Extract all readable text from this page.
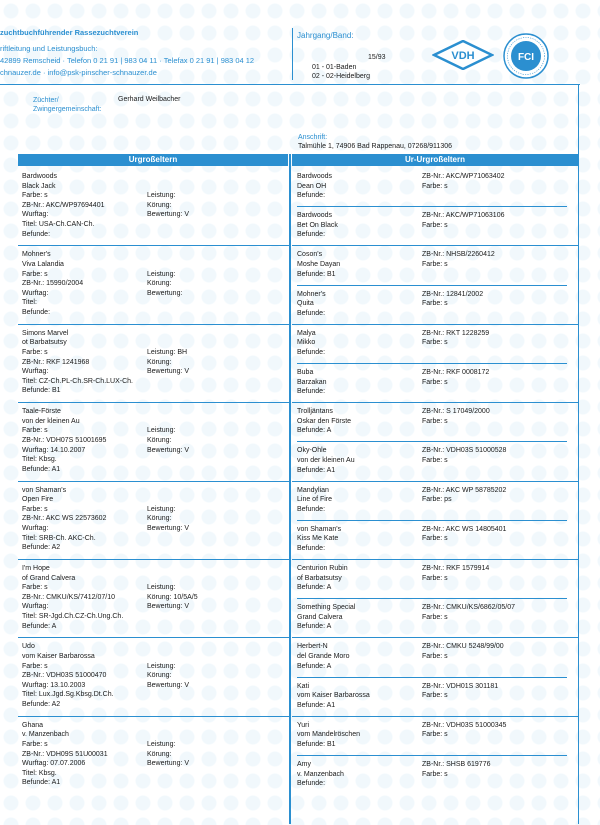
zuchtbuchführender Rassezuchtverein
riftleitung und Leistungsbuch:
42899 Remscheid · Telefon 0 21 91 | 983 04 11 · Telefax 0 21 91 | 983 04 12
chnauzer.de · info@psk-pinscher-schnauzer.de
Jahrgang/Band:
15/93
01 - 01-Baden
02 - 02-Heidelberg
VDH	FCI
Züchter/
Zwingergemeinschaft:
Gerhard Weilbacher
Anschrift:
Talmühle 1, 74906 Bad Rappenau, 07268/911306
Urgroßeltern	Ur-Urgroßeltern
Bardwoods
Black Jack
Farbe: s	Leistung:
ZB-Nr.: AKC/WP97694401	Körung:
Wurftag:	Bewertung: V
Titel: USA-Ch.CAN-Ch.
Befunde:
Mohner's
Viva Lalandia
Farbe: s	Leistung:
ZB-Nr.: 15990/2004	Körung:
Wurftag:	Bewertung:
Titel:
Befunde:
Simons Marvel
ot Barbatsutsy
Farbe: s	Leistung: BH
ZB-Nr.: RKF 1241968	Körung:
Wurftag:	Bewertung: V
Titel: CZ-Ch.PL-Ch.SR-Ch.LUX-Ch.
Befunde: B1
Taale-Förste
von der kleinen Au
Farbe: s	Leistung:
ZB-Nr.: VDH07S 51001695	Körung:
Wurftag: 14.10.2007	Bewertung: V
Titel: Kbsg.
Befunde: A1
von Shaman's
Open Fire
Farbe: s	Leistung:
ZB-Nr.: AKC WS 22573602	Körung:
Wurftag:	Bewertung: V
Titel: SRB-Ch. AKC-Ch.
Befunde: A2
I'm Hope
of Grand Calvera
Farbe: s	Leistung:
ZB-Nr.: CMKU/KS/7412/07/10	Körung: 10/5A/5
Wurftag:	Bewertung: V
Titel: SR-Jgd.Ch.CZ-Ch.Ung.Ch.
Befunde: A
Udo
vom Kaiser Barbarossa
Farbe: s	Leistung:
ZB-Nr.: VDH03S 51000470	Körung:
Wurftag: 13.10.2003	Bewertung: V
Titel: Lux.Jgd.Sg.Kbsg.Dt.Ch.
Befunde: A2
Ghana
v. Manzenbach
Farbe: s	Leistung:
ZB-Nr.: VDH09S 51U00031	Körung:
Wurftag: 07.07.2006	Bewertung: V
Titel: Kbsg.
Befunde: A1
Bardwoods	ZB-Nr.: AKC/WP71063402
Dean OH	Farbe: s
Befunde:
Bardwoods	ZB-Nr.: AKC/WP71063106
Bet On Black	Farbe: s
Befunde:
Coson's	ZB-Nr.: NHSB/2260412
Moshe Dayan	Farbe: s
Befunde: B1
Mohner's	ZB-Nr.: 12841/2002
Quita	Farbe: s
Befunde:
Malya	ZB-Nr.: RKT 1228259
Mikko	Farbe: s
Befunde:
Buba	ZB-Nr.: RKF 0008172
Barzakan	Farbe: s
Befunde:
Trolljäntans	ZB-Nr.: S 17049/2000
Oskar den Förste	Farbe: s
Befunde: A
Oky-Ohle	ZB-Nr.: VDH03S 51000528
von der kleinen Au	Farbe: s
Befunde: A1
Mandylian	ZB-Nr.: AKC WP 58785202
Line of Fire	Farbe: ps
Befunde:
von Shaman's	ZB-Nr.: AKC WS 14805401
Kiss Me Kate	Farbe: s
Befunde:
Centurion Rubin	ZB-Nr.: RKF 1579914
of Barbatsutsy	Farbe: s
Befunde: A
Something Special	ZB-Nr.: CMKU/KS/6862/05/07
Grand Calvera	Farbe: s
Befunde: A
Herbert-N	ZB-Nr.: CMKU 5248/99/00
del Grande Moro	Farbe: s
Befunde: A
Kati	ZB-Nr.: VDH01S 301181
vom Kaiser Barbarossa	Farbe: s
Befunde: A1
Yuri	ZB-Nr.: VDH03S 51000345
vom Mandelröschen	Farbe: s
Befunde: B1
Amy	ZB-Nr.: SHSB 619776
v. Manzenbach	Farbe: s
Befunde:
